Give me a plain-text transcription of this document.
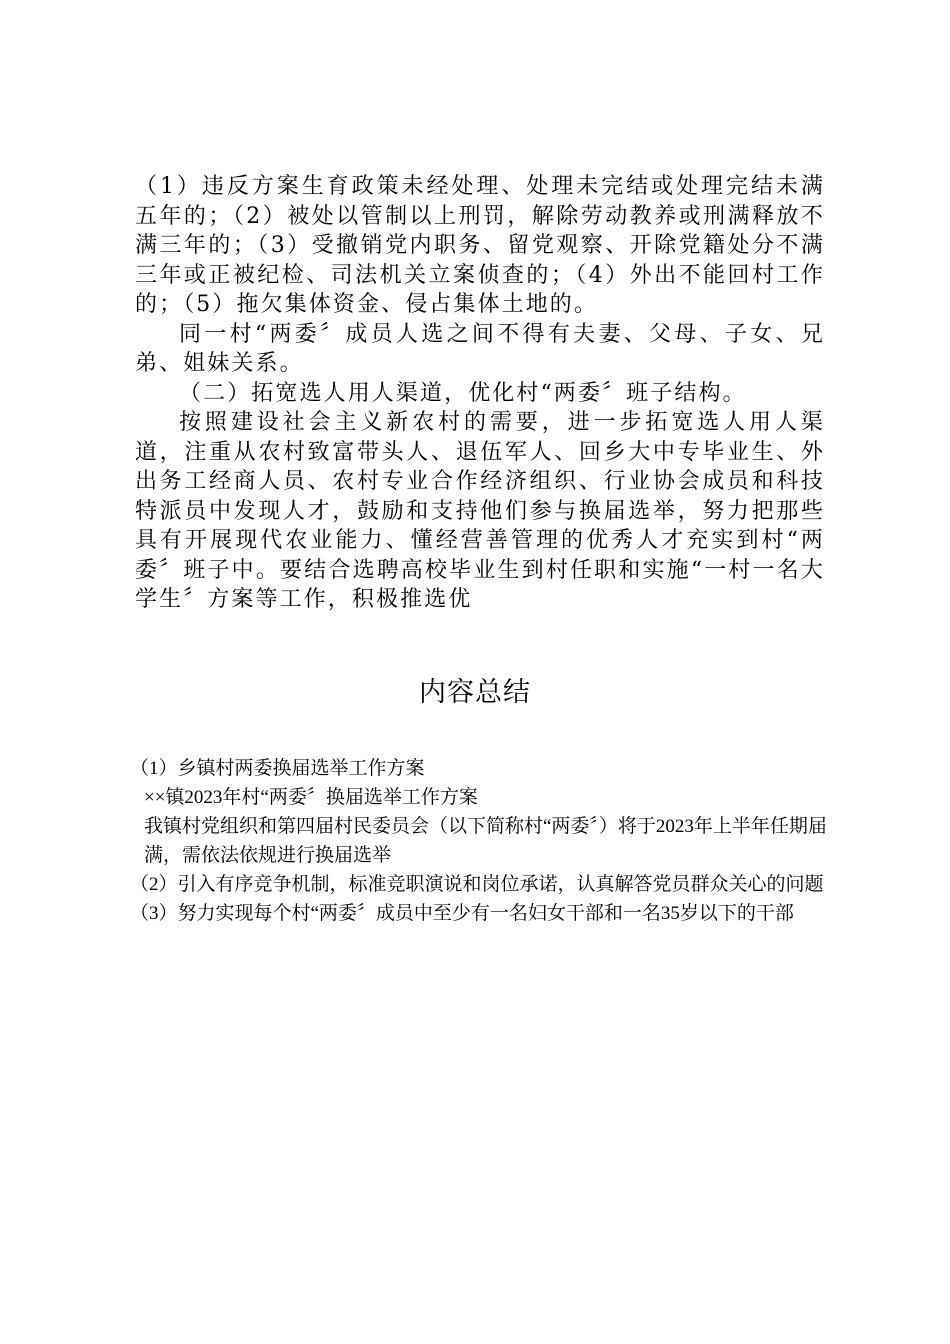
（1）违反方案生育政策未经处理、处理未完结或处理完结未满五年的；（2）被处以管制以上刑罚，解除劳动教养或刑满释放不满三年的；（3）受撤销党内职务、留党观察、开除党籍处分不满三年或正被纪检、司法机关立案侦查的；（4）外出不能回村工作的；（5）拖欠集体资金、侵占集体土地的。

同一村“两委〞成员人选之间不得有夫妻、父母、子女、兄弟、姐妹关系。

（二）拓宽选人用人渠道，优化村“两委〞班子结构。

按照建设社会主义新农村的需要，进一步拓宽选人用人渠道，注重从农村致富带头人、退伍军人、回乡大中专毕业生、外出务工经商人员、农村专业合作经济组织、行业协会成员和科技特派员中发现人才，鼓励和支持他们参与换届选举，努力把那些具有开展现代农业能力、懂经营善管理的优秀人才充实到村“两委〞班子中。要结合选聘高校毕业生到村任职和实施“一村一名大学生〞方案等工作，积极推选优

内容总结

（1）乡镇村两委换届选举工作方案

××镇2023年村“两委〞换届选举工作方案

我镇村党组织和第四届村民委员会（以下简称村“两委〞）将于2023年上半年任期届满，需依法依规进行换届选举

（2）引入有序竞争机制，标准竞职演说和岗位承诺，认真解答党员群众关心的问题

（3）努力实现每个村“两委〞成员中至少有一名妇女干部和一名35岁以下的干部
